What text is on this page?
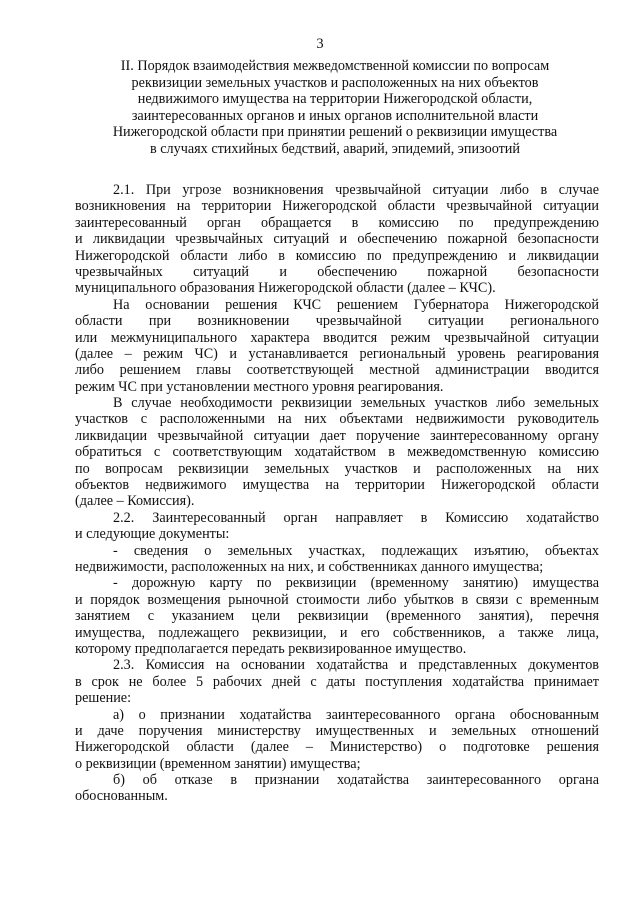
3
II. Порядок взаимодействия межведомственной комиссии по вопросам
реквизиции земельных участков и расположенных на них объектов
недвижимого имущества на территории Нижегородской области,
заинтересованных органов и иных органов исполнительной власти
Нижегородской области при принятии решений о реквизиции имущества
в случаях стихийных бедствий, аварий, эпидемий, эпизоотий
2.1. При угрозе возникновения чрезвычайной ситуации либо в случае
возникновения на территории Нижегородской области чрезвычайной ситуации
заинтересованный орган обращается в комиссию по предупреждению
и ликвидации чрезвычайных ситуаций и обеспечению пожарной безопасности
Нижегородской области либо в комиссию по предупреждению и ликвидации
чрезвычайных ситуаций и обеспечению пожарной безопасности
муниципального образования Нижегородской области (далее – КЧС).
На основании решения КЧС решением Губернатора Нижегородской
области при возникновении чрезвычайной ситуации регионального
или межмуниципального характера вводится режим чрезвычайной ситуации
(далее – режим ЧС) и устанавливается региональный уровень реагирования
либо решением главы соответствующей местной администрации вводится
режим ЧС при установлении местного уровня реагирования.
В случае необходимости реквизиции земельных участков либо земельных
участков с расположенными на них объектами недвижимости руководитель
ликвидации чрезвычайной ситуации дает поручение заинтересованному органу
обратиться с соответствующим ходатайством в межведомственную комиссию
по вопросам реквизиции земельных участков и расположенных на них
объектов недвижимого имущества на территории Нижегородской области
(далее – Комиссия).
2.2. Заинтересованный орган направляет в Комиссию ходатайство
и следующие документы:
- сведения о земельных участках, подлежащих изъятию, объектах
недвижимости, расположенных на них, и собственниках данного имущества;
- дорожную карту по реквизиции (временному занятию) имущества
и порядок возмещения рыночной стоимости либо убытков в связи с временным
занятием с указанием цели реквизиции (временного занятия), перечня
имущества, подлежащего реквизиции, и его собственников, а также лица,
которому предполагается передать реквизированное имущество.
2.3. Комиссия на основании ходатайства и представленных документов
в срок не более 5 рабочих дней с даты поступления ходатайства принимает
решение:
а) о признании ходатайства заинтересованного органа обоснованным
и даче поручения министерству имущественных и земельных отношений
Нижегородской области (далее – Министерство) о подготовке решения
о реквизиции (временном занятии) имущества;
б) об отказе в признании ходатайства заинтересованного органа
обоснованным.
